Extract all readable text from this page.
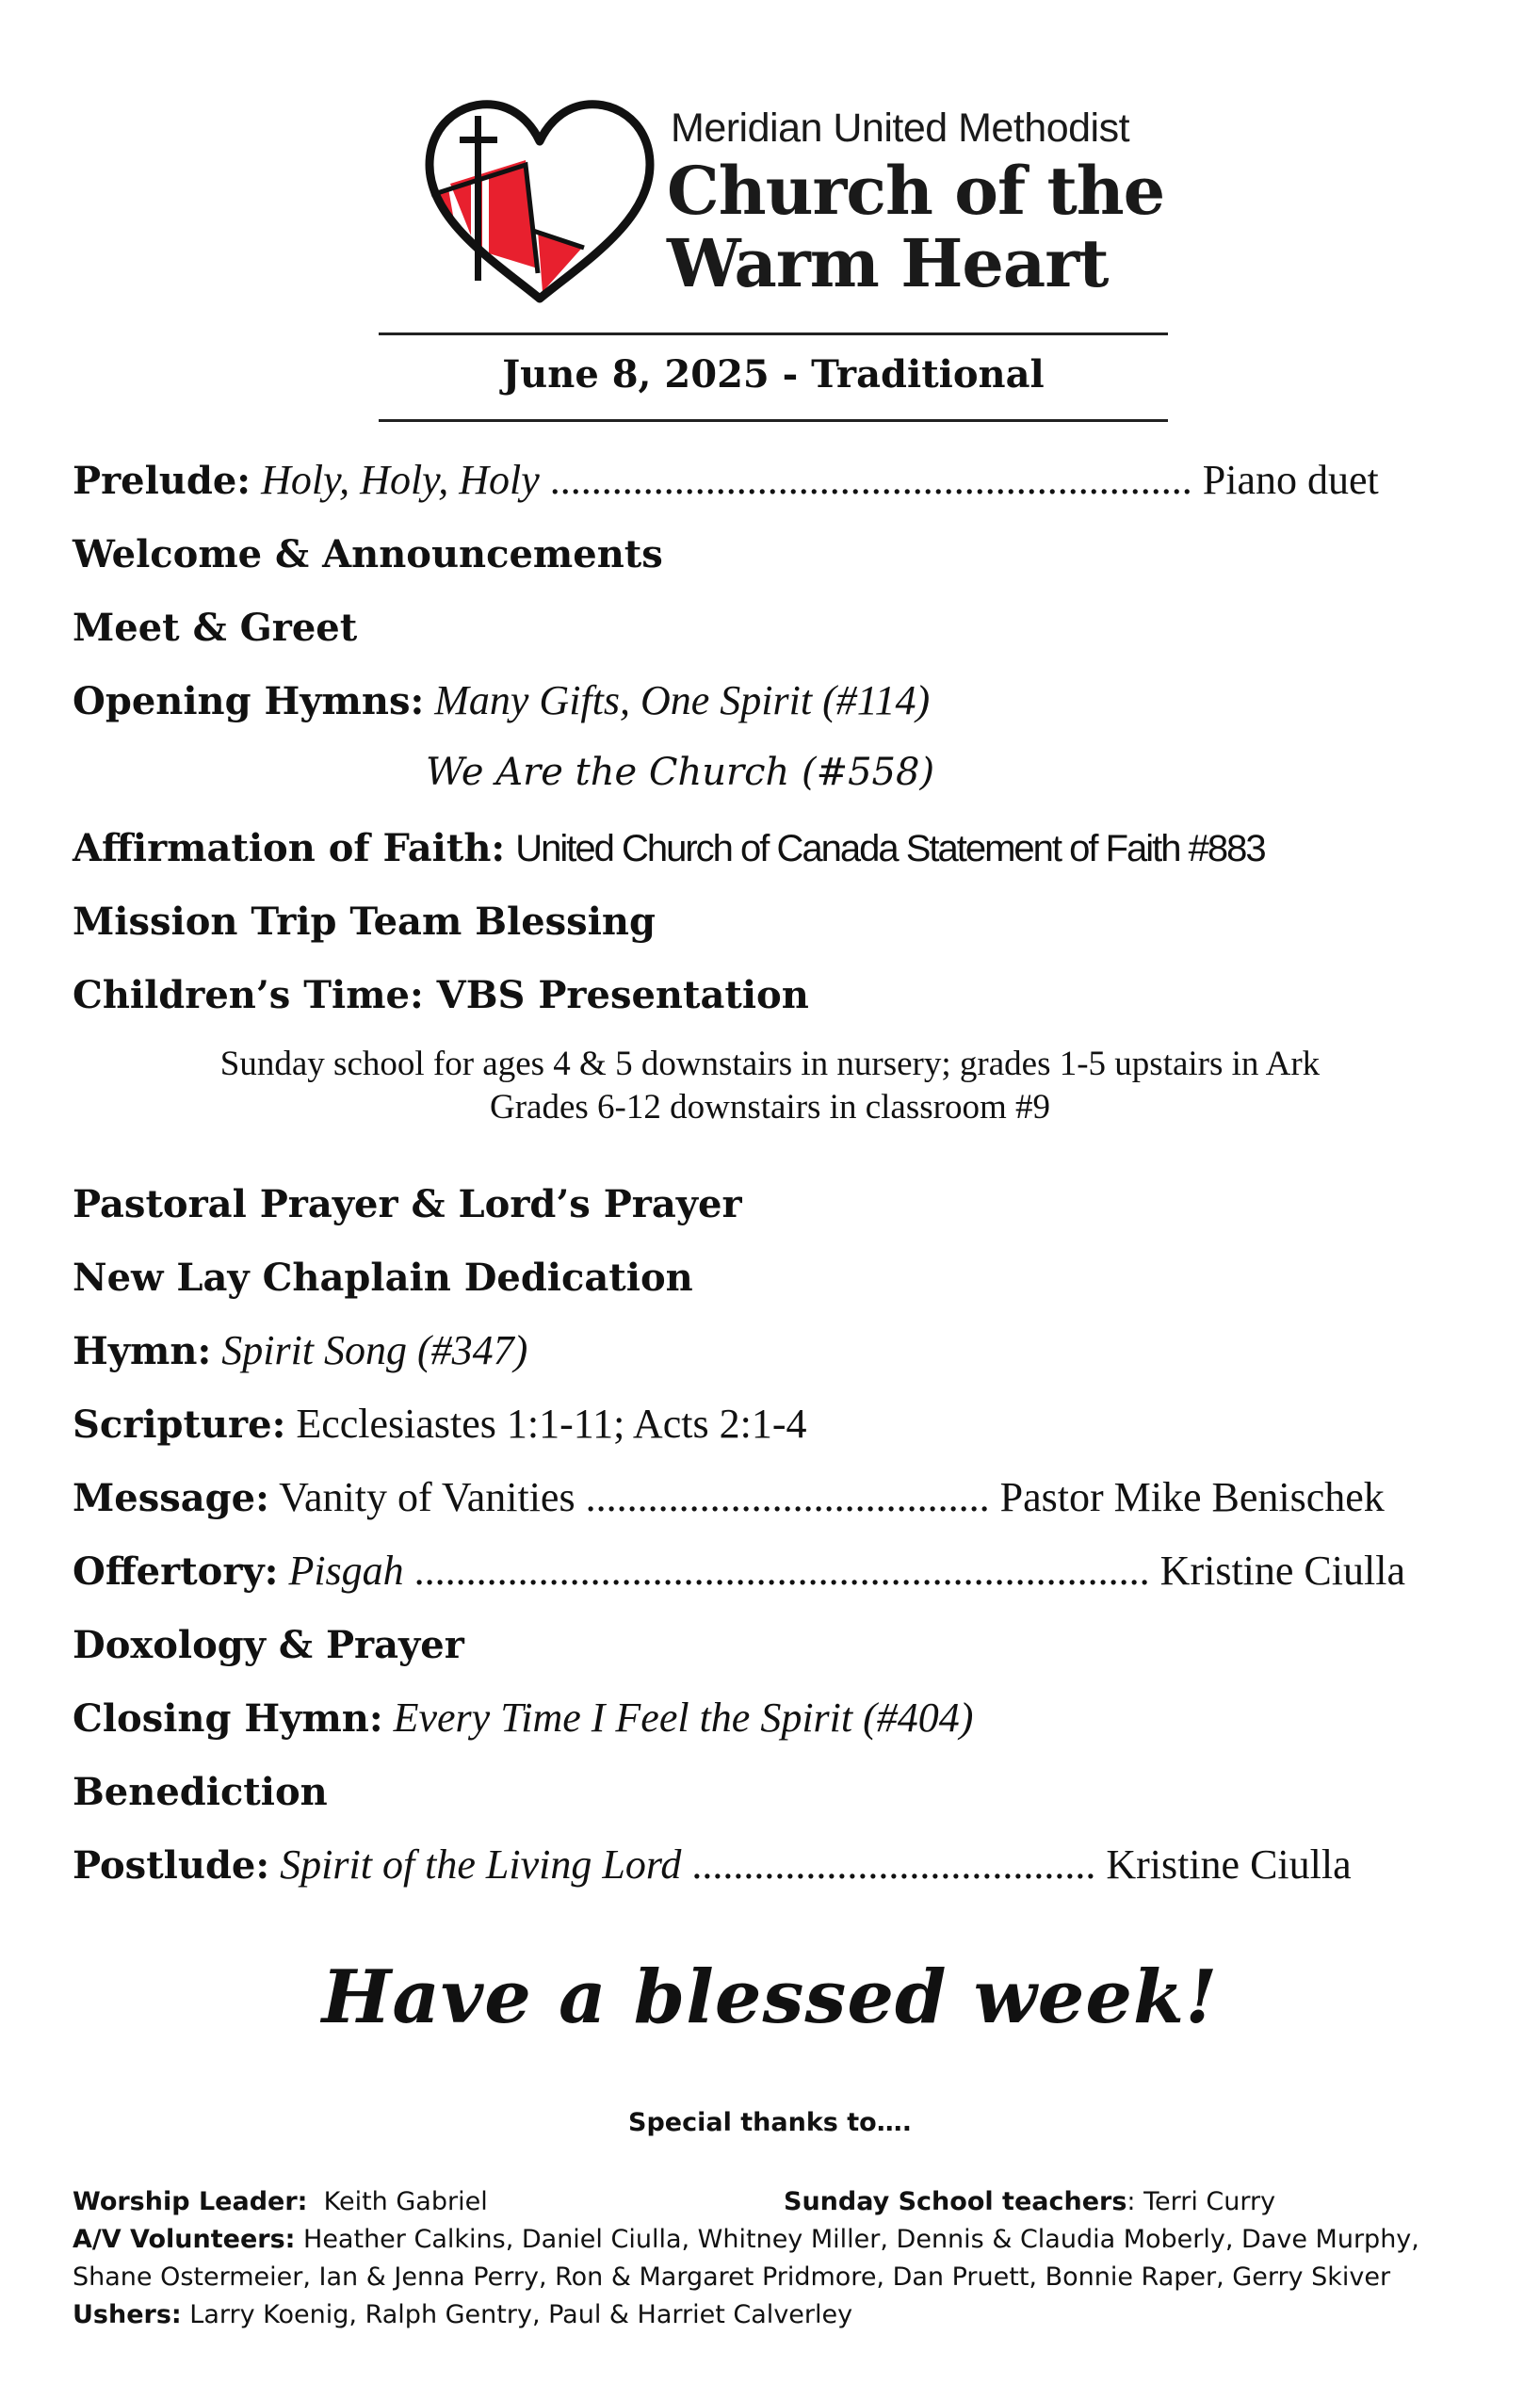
Meridian United Methodist
Church of the
Warm Heart
June 8, 2025 - Traditional
Prelude: Holy, Holy, Holy .............................................................. Piano duet
Welcome & Announcements
Meet & Greet
Opening Hymns: Many Gifts, One Spirit (#114)
We Are the Church (#558)
Affirmation of Faith: United Church of Canada Statement of Faith #883
Mission Trip Team Blessing
Children’s Time: VBS Presentation
Sunday school for ages 4 & 5 downstairs in nursery; grades 1-5 upstairs in Ark
Grades 6-12 downstairs in classroom #9
Pastoral Prayer & Lord’s Prayer
New Lay Chaplain Dedication
Hymn: Spirit Song (#347)
Scripture: Ecclesiastes 1:1-11; Acts 2:1-4
Message: Vanity of Vanities ....................................... Pastor Mike Benischek
Offertory: Pisgah ....................................................................... Kristine Ciulla
Doxology & Prayer
Closing Hymn: Every Time I Feel the Spirit (#404)
Benediction
Postlude: Spirit of the Living Lord ....................................... Kristine Ciulla
Have a blessed week!
Special thanks to….
Worship Leader:  Keith Gabriel	Sunday School teachers: Terri Curry
A/V Volunteers: Heather Calkins, Daniel Ciulla, Whitney Miller, Dennis & Claudia Moberly, Dave Murphy,
Shane Ostermeier, Ian & Jenna Perry, Ron & Margaret Pridmore, Dan Pruett, Bonnie Raper, Gerry Skiver
Ushers: Larry Koenig, Ralph Gentry, Paul & Harriet Calverley
